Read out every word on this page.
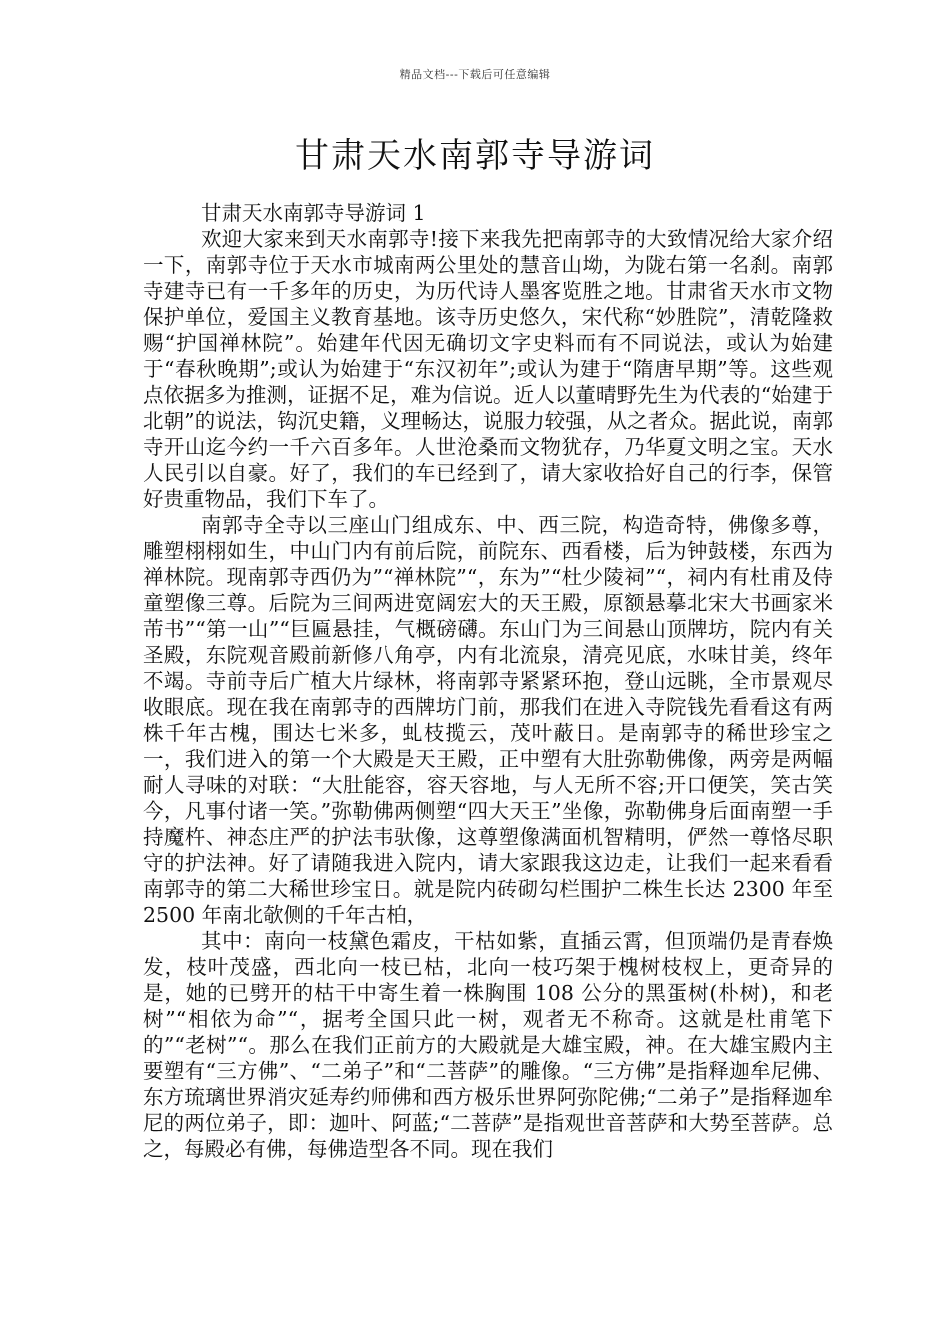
精品文档---下载后可任意编辑
甘肃天水南郭寺导游词

甘肃天水南郭寺导游词 1

欢迎大家来到天水南郭寺!接下来我先把南郭寺的大致情况给大家介绍一下，南郭寺位于天水市城南两公里处的慧音山坳，为陇右第一名刹。南郭寺建寺已有一千多年的历史，为历代诗人墨客览胜之地。甘肃省天水市文物保护单位，爱国主义教育基地。该寺历史悠久，宋代称“妙胜院”，清乾隆救赐“护国禅林院”。始建年代因无确切文字史料而有不同说法，或认为始建于“春秋晚期”;或认为始建于“东汉初年”;或认为建于“隋唐早期”等。这些观点依据多为推测，证据不足，难为信说。近人以董晴野先生为代表的“始建于北朝”的说法，钩沉史籍，义理畅达，说服力较强，从之者众。据此说，南郭寺开山迄今约一千六百多年。人世沧桑而文物犹存，乃华夏文明之宝。天水人民引以自豪。好了，我们的车已经到了，请大家收拾好自己的行李，保管好贵重物品，我们下车了。

南郭寺全寺以三座山门组成东、中、西三院，构造奇特，佛像多尊，雕塑栩栩如生，中山门内有前后院，前院东、西看楼，后为钟鼓楼，东西为禅林院。现南郭寺西仍为”“禅林院”“，东为”“杜少陵祠”“，祠内有杜甫及侍童塑像三尊。后院为三间两进宽阔宏大的天王殿，原额悬摹北宋大书画家米芾书”“第一山”“巨匾悬挂，气概磅礴。东山门为三间悬山顶牌坊，院内有关圣殿，东院观音殿前新修八角亭，内有北流泉，清亮见底，水味甘美，终年不竭。寺前寺后广植大片绿林，将南郭寺紧紧环抱，登山远眺，全市景观尽收眼底。现在我在南郭寺的西牌坊门前，那我们在进入寺院钱先看看这有两株千年古槐，围达七米多，虬枝揽云，茂叶蔽日。是南郭寺的稀世珍宝之一，我们进入的第一个大殿是天王殿，正中塑有大肚弥勒佛像，两旁是两幅耐人寻味的对联：“大肚能容，容天容地，与人无所不容;开口便笑，笑古笑今，凡事付诸一笑。”弥勒佛两侧塑“四大天王”坐像，弥勒佛身后面南塑一手持魔杵、神态庄严的护法韦驮像，这尊塑像满面机智精明，俨然一尊恪尽职守的护法神。好了请随我进入院内，请大家跟我这边走，让我们一起来看看南郭寺的第二大稀世珍宝日。就是院内砖砌勾栏围护二株生长达 2300 年至 2500 年南北欹侧的千年古柏，

其中：南向一枝黛色霜皮，干枯如紫，直插云霄，但顶端仍是青春焕发，枝叶茂盛，西北向一枝已枯，北向一枝巧架于槐树枝杈上，更奇异的是，她的已劈开的枯干中寄生着一株胸围 108 公分的黑蛋树(朴树)，和老树”“相依为命”“，据考全国只此一树，观者无不称奇。这就是杜甫笔下的”“老树”“。那么在我们正前方的大殿就是大雄宝殿，神。在大雄宝殿内主要塑有“三方佛”、“二弟子”和“二菩萨”的雕像。“三方佛”是指释迦牟尼佛、东方琉璃世界消灾延寿约师佛和西方极乐世界阿弥陀佛;“二弟子”是指释迦牟尼的两位弟子，即：迦叶、阿蓝;“二菩萨”是指观世音菩萨和大势至菩萨。总之，每殿必有佛，每佛造型各不同。现在我们
